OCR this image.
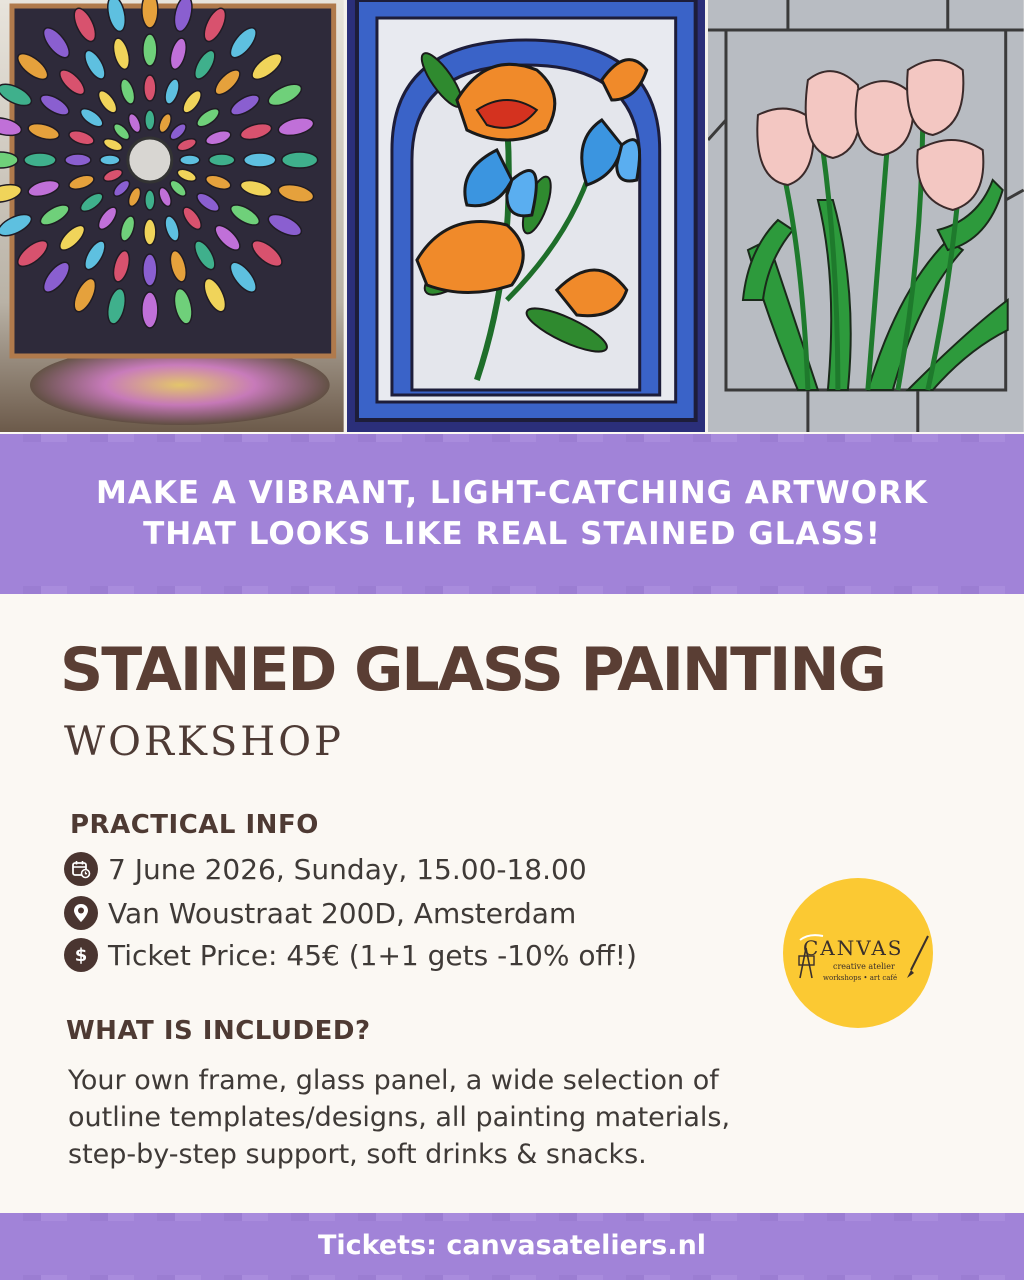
MAKE A VIBRANT, LIGHT-CATCHING ARTWORK
THAT LOOKS LIKE REAL STAINED GLASS!
STAINED GLASS PAINTING
WORKSHOP
PRACTICAL INFO
7 June 2026, Sunday, 15.00-18.00
Van Woustraat 200D, Amsterdam
$ Ticket Price: 45€ (1+1 gets -10% off!)	CANVAS
creative atelier
workshops • art café
WHAT IS INCLUDED?
Your own frame, glass panel, a wide selection of
outline templates/designs, all painting materials,
step-by-step support, soft drinks & snacks.
Tickets: canvasateliers.nl
